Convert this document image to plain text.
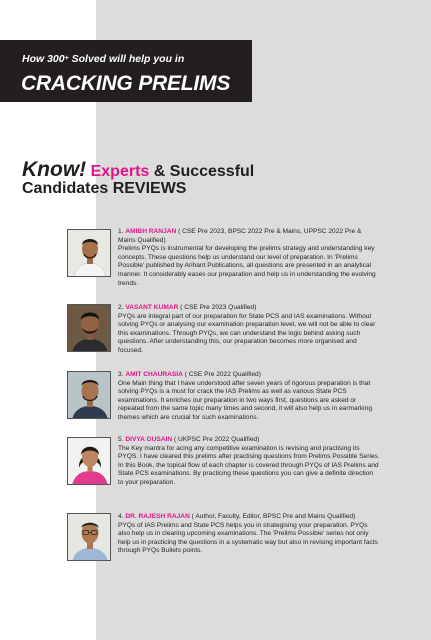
How 300+ Solved will help you in
CRACKING PRELIMS
Know! Experts & Successful
Candidates REVIEWS

1. AMIBH RANJAN ( CSE Pre 2023, BPSC 2022 Pre & Mains, UPPSC 2022 Pre & Mains Qualified)

Prelims PYQs is instrumental for developing the prelims strategy and understanding key concepts. These questions help us understand our level of preparation. In 'Prelims Possible' published by Arihant Publications, all questions are presented in an analytical manner. It considerably eases our preparation and help us in understanding the evolving trends.

2. VASANT KUMAR ( CSE Pre 2023 Qualified)

PYQs are integral part of our preparation for State PCS and IAS examinations. Without solving PYQs or analysing our examination preparation level, we will not be able to clear this examinations. Through PYQs, we can understand the logic behind asking such questions. After understanding this, our preparation becomes more organised and focused.

3. AMIT CHAURASIA ( CSE Pre 2022 Qualified)

One Main thing that I have understood after seven years of rigorous preparation is that solving PYQs is a must for crack the IAS Prelims as well as various State PCS examinations. It enriches our preparation in two ways first, questions are asked or repeated from the same topic many times and second, it will also help us in earmarking themes which are crucial for such examinations.

5. DIVYA GUSAIN ( UKPSC Pre 2022 Qualified)

The Key mantra for acing any competitive examination is revising and practising its PYQS. I have cleared this prelims after practising questions from Prelims Possible Series. In this Book, the topical flow of each chapter is covered through PYQs of IAS Prelims and State PCS examinations. By practicing these questions you can give a definite direction to your preparation.

4. DR. RAJESH RAJAN ( Author, Faculty, Editor, BPSC Pre and Mains Qualified)

PYQs of IAS Prelims and State PCS helps you in strategising your preparation. PYQs also help us in clearing upcoming examinations. The 'Prelims Possible' series not only help us in practicing the questions in a systematic way but also in revising important facts through PYQs Bullets points.
